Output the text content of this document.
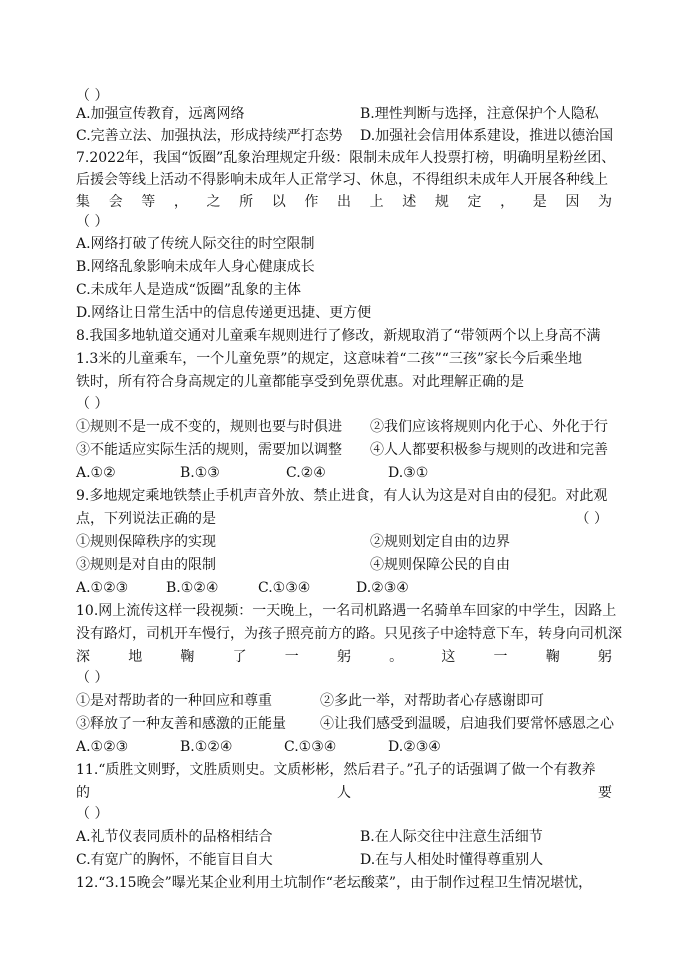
（ ）
A.加强宣传教育，远离网络	B.理性判断与选择，注意保护个人隐私
C.完善立法、加强执法，形成持续严打态势 D.加强社会信用体系建设，推进以德治国
7.2022年，我国“饭圈”乱象治理规定升级：限制未成年人投票打榜，明确明星粉丝团、
后援会等线上活动不得影响未成年人正常学习、休息，不得组织未成年人开展各种线上
集 会 等 ， 之 所 以 作 出 上 述 规 定 ， 是 因 为
（ ）
A.网络打破了传统人际交往的时空限制
B.网络乱象影响未成年人身心健康成长
C.未成年人是造成“饭圈”乱象的主体
D.网络让日常生活中的信息传递更迅捷、更方便
8.我国多地轨道交通对儿童乘车规则进行了修改，新规取消了“带领两个以上身高不满
1.3米的儿童乘车，一个儿童免票”的规定，这意味着“二孩”“三孩”家长今后乘坐地
铁时，所有符合身高规定的儿童都能享受到免票优惠。对此理解正确的是
（ ）
①规则不是一成不变的，规则也要与时俱进 ②我们应该将规则内化于心、外化于行
③不能适应实际生活的规则，需要加以调整 ④人人都要积极参与规则的改进和完善
A.①②	B.①③	C.②④	D.③①
9.多地规定乘地铁禁止手机声音外放、禁止进食，有人认为这是对自由的侵犯。对此观
点，下列说法正确的是	（ ）
①规则保障秩序的实现	②规则划定自由的边界
③规则是对自由的限制	④规则保障公民的自由
A.①②③	B.①②④	C.①③④	D.②③④
10.网上流传这样一段视频：一天晚上，一名司机路遇一名骑单车回家的中学生，因路上
没有路灯，司机开车慢行，为孩子照亮前方的路。只见孩子中途特意下车，转身向司机深
深	地	鞠	了	一	躬	。	这	一	鞠	躬
（ ）
①是对帮助者的一种回应和尊重	②多此一举，对帮助者心存感谢即可
③释放了一种友善和感激的正能量 ④让我们感受到温暖，启迪我们要常怀感恩之心
A.①②③	B.①②④	C.①③④	D.②③④
11.“质胜文则野，文胜质则史。文质彬彬，然后君子。”孔子的话强调了做一个有教养
的	人	要
（ ）
A.礼节仪表同质朴的品格相结合	B.在人际交往中注意生活细节
C.有宽广的胸怀，不能盲目自大	D.在与人相处时懂得尊重别人
12.“3.15晚会”曝光某企业利用土坑制作“老坛酸菜”，由于制作过程卫生情况堪忧，
